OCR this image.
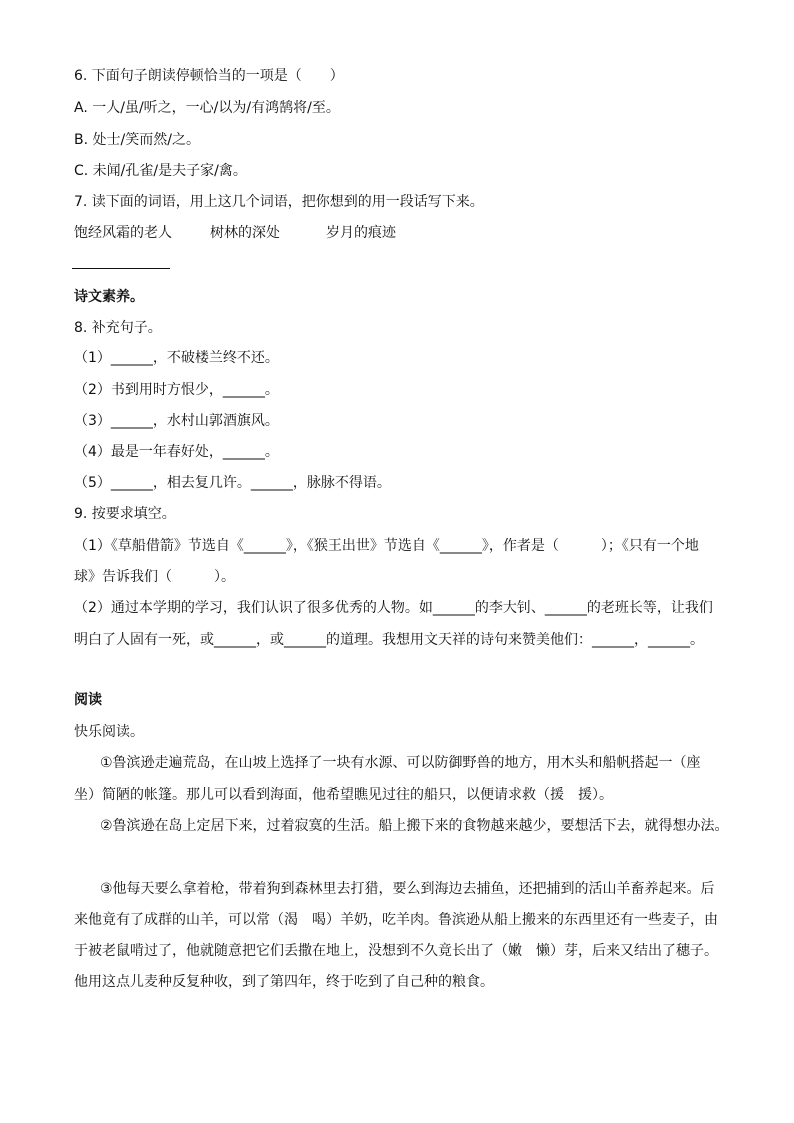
6. 下面句子朗读停顿恰当的一项是（　　）
A. 一人/虽/听之，一心/以为/有鸿鹄将/至。
B. 处士/笑而然/之。
C. 未闻/孔雀/是夫子家/禽。
7. 读下面的词语，用上这几个词语，把你想到的用一段话写下来。
饱经风霜的老人	树林的深处	岁月的痕迹
诗文素养。
8. 补充句子。
（1）______，不破楼兰终不还。
（2）书到用时方恨少，______。
（3）______，水村山郭酒旗风。
（4）最是一年春好处，______。
（5）______，相去复几许。______，脉脉不得语。
9. 按要求填空。
（1）《草船借箭》节选自《______》，《猴王出世》节选自《______》，作者是（　　　）；《只有一个地
球》告诉我们（　　　）。
（2）通过本学期的学习，我们认识了很多优秀的人物。如______的李大钊、______的老班长等，让我们
明白了人固有一死，或______，或______的道理。我想用文天祥的诗句来赞美他们：______，______。
阅读
快乐阅读。
①鲁滨逊走遍荒岛，在山坡上选择了一块有水源、可以防御野兽的地方，用木头和船帆搭起一（座
坐）简陋的帐篷。那儿可以看到海面，他希望瞧见过往的船只，以便请求救（援　援）。
②鲁滨逊在岛上定居下来，过着寂寞的生活。船上搬下来的食物越来越少，要想活下去，就得想办法。
③他每天要么拿着枪，带着狗到森林里去打猎，要么到海边去捕鱼，还把捕到的活山羊畜养起来。后
来他竟有了成群的山羊，可以常（渴　喝）羊奶，吃羊肉。鲁滨逊从船上搬来的东西里还有一些麦子，由
于被老鼠啃过了，他就随意把它们丢撒在地上，没想到不久竟长出了（嫩　懒）芽，后来又结出了穗子。
他用这点儿麦种反复种收，到了第四年，终于吃到了自己种的粮食。
